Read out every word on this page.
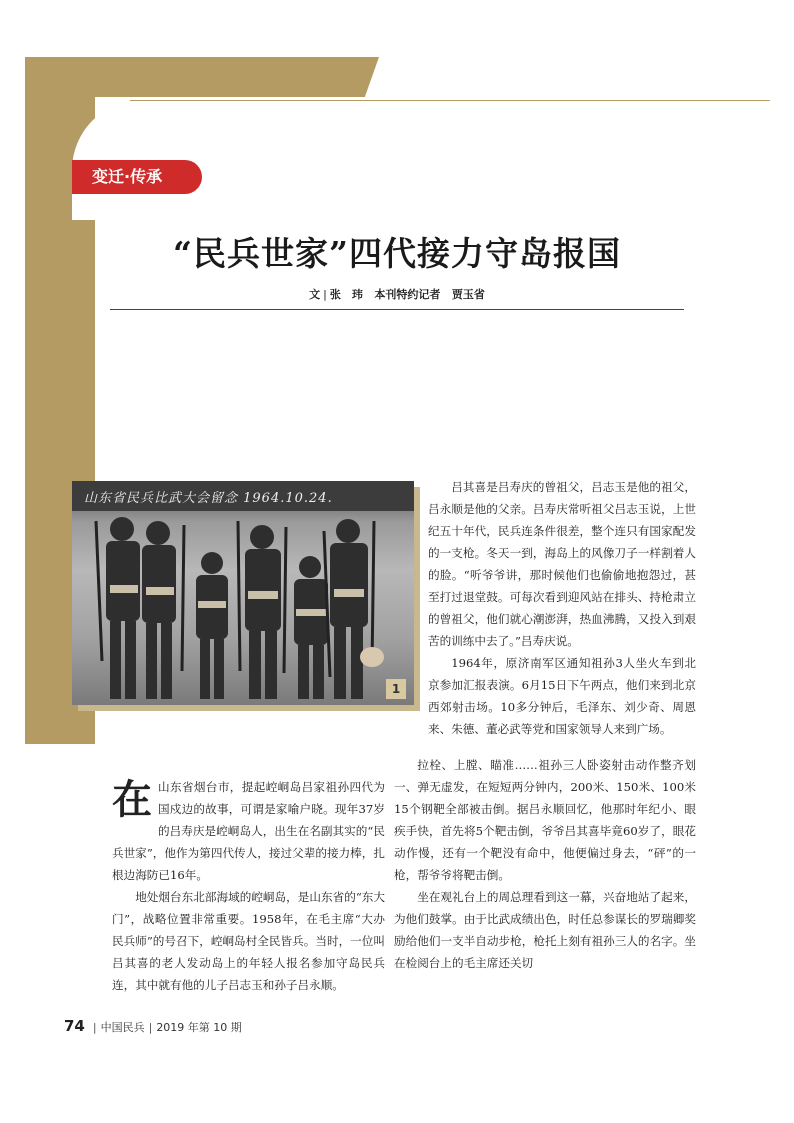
变迁·传承
“民兵世家”四代接力守岛报国
文 | 张　玮 本刊特约记者 贾玉省
山东省民兵比武大会留念 1964.10.24.
1

吕其喜是吕寿庆的曾祖父，吕志玉是他的祖父，吕永顺是他的父亲。吕寿庆常听祖父吕志玉说，上世纪五十年代，民兵连条件很差，整个连只有国家配发的一支枪。冬天一到，海岛上的风像刀子一样割着人的脸。“听爷爷讲，那时候他们也偷偷地抱怨过，甚至打过退堂鼓。可每次看到迎风站在排头、持枪肃立的曾祖父，他们就心潮澎湃，热血沸腾，又投入到艰苦的训练中去了。”吕寿庆说。

1964年，原济南军区通知祖孙3人坐火车到北京参加汇报表演。6月15日下午两点，他们来到北京西郊射击场。10多分钟后，毛泽东、刘少奇、周恩来、朱德、董必武等党和国家领导人来到广场。

拉栓、上膛、瞄准……祖孙三人卧姿射击动作整齐划一、弹无虚发，在短短两分钟内，200米、150米、100米15个钢靶全部被击倒。据吕永顺回忆，他那时年纪小、眼疾手快，首先将5个靶击倒，爷爷吕其喜毕竟60岁了，眼花动作慢，还有一个靶没有命中，他便偏过身去，“砰”的一枪，帮爷爷将靶击倒。

坐在观礼台上的周总理看到这一幕，兴奋地站了起来，为他们鼓掌。由于比武成绩出色，时任总参谋长的罗瑞卿奖励给他们一支半自动步枪，枪托上刻有祖孙三人的名字。坐在检阅台上的毛主席还关切

在山东省烟台市，提起崆峒岛吕家祖孙四代为国戍边的故事，可谓是家喻户晓。现年37岁的吕寿庆是崆峒岛人，出生在名副其实的“民兵世家”，他作为第四代传人，接过父辈的接力棒，扎根边海防已16年。

地处烟台东北部海域的崆峒岛，是山东省的“东大门”，战略位置非常重要。1958年，在毛主席“大办民兵师”的号召下，崆峒岛村全民皆兵。当时，一位叫吕其喜的老人发动岛上的年轻人报名参加守岛民兵连，其中就有他的儿子吕志玉和孙子吕永顺。

74 | 中国民兵 | 2019 年第 10 期
